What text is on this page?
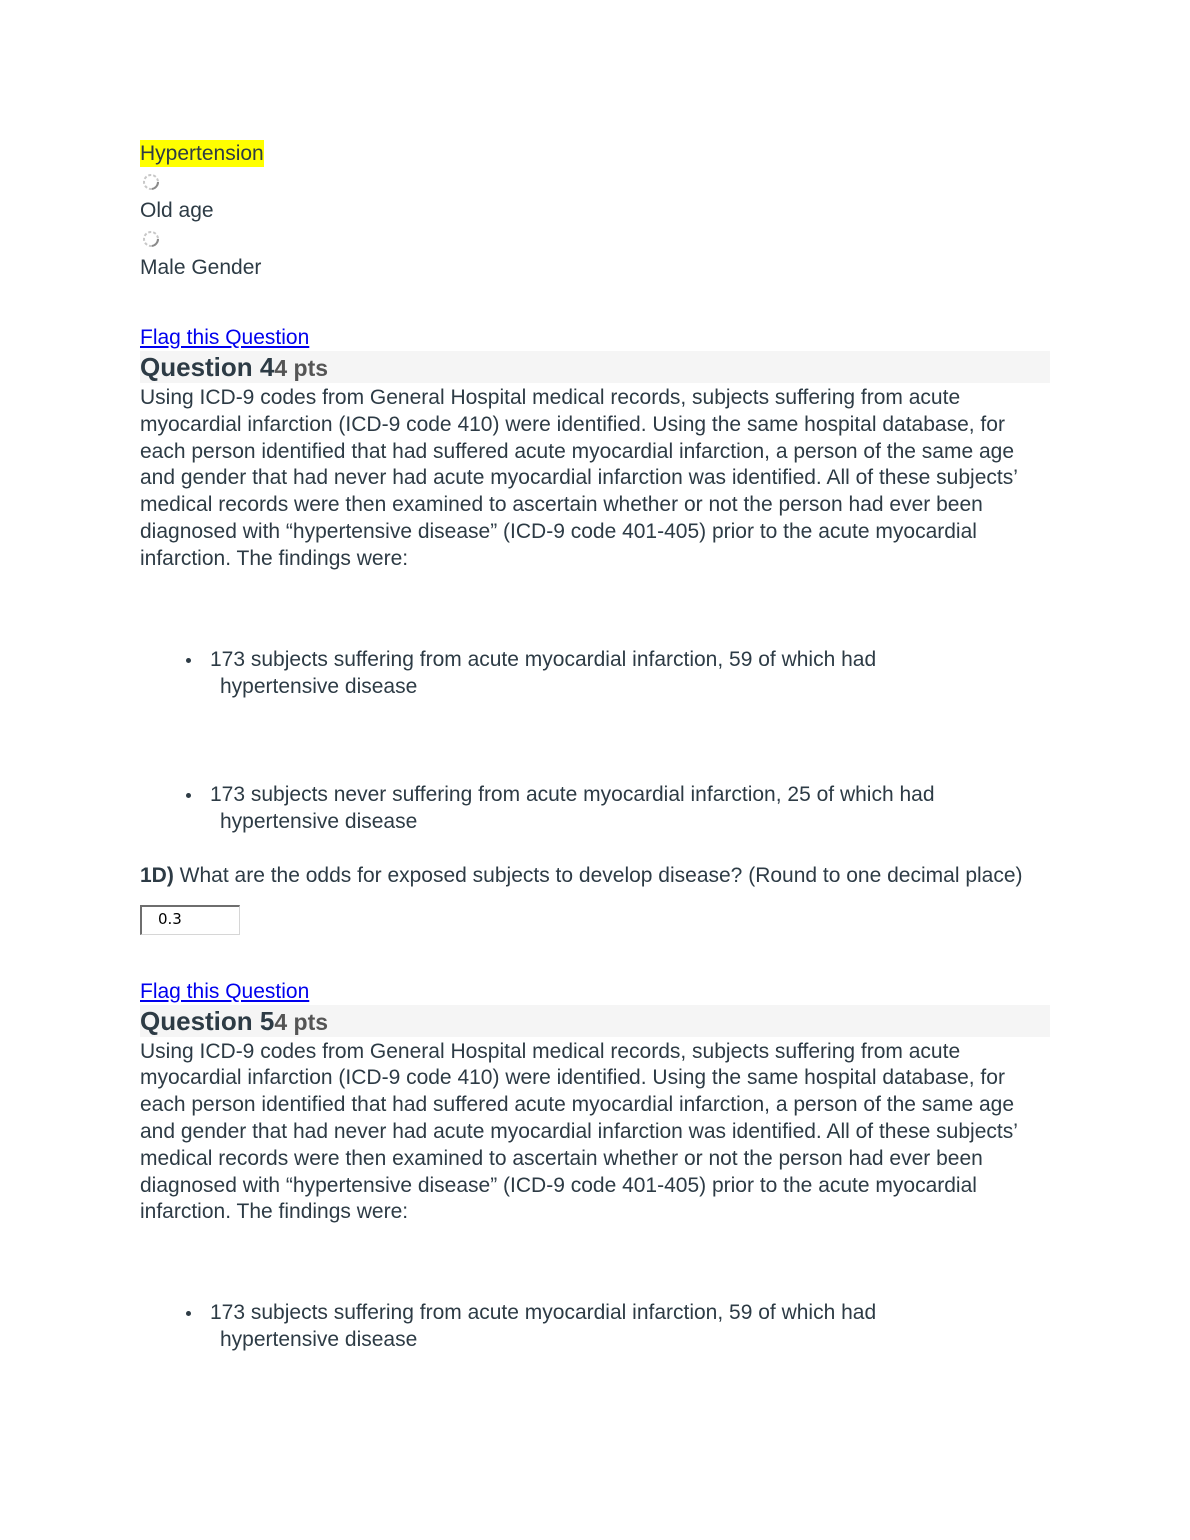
Hypertension
Old age
Male Gender
Flag this Question
Question 44 pts

Using ICD-9 codes from General Hospital medical records, subjects suffering from acute myocardial infarction (ICD-9 code 410) were identified. Using the same hospital database, for each person identified that had suffered acute myocardial infarction, a person of the same age and gender that had never had acute myocardial infarction was identified. All of these subjects’ medical records were then examined to ascertain whether or not the person had ever been diagnosed with “hypertensive disease” (ICD-9 code 401-405) prior to the acute myocardial infarction. The findings were:

173 subjects suffering from acute myocardial infarction, 59 of which had
hypertensive disease
173 subjects never suffering from acute myocardial infarction, 25 of which had
hypertensive disease

1D) What are the odds for exposed subjects to develop disease? (Round to one decimal place)

0.3
Flag this Question
Question 54 pts

Using ICD-9 codes from General Hospital medical records, subjects suffering from acute myocardial infarction (ICD-9 code 410) were identified. Using the same hospital database, for each person identified that had suffered acute myocardial infarction, a person of the same age and gender that had never had acute myocardial infarction was identified. All of these subjects’ medical records were then examined to ascertain whether or not the person had ever been diagnosed with “hypertensive disease” (ICD-9 code 401-405) prior to the acute myocardial infarction. The findings were:

173 subjects suffering from acute myocardial infarction, 59 of which had
hypertensive disease
